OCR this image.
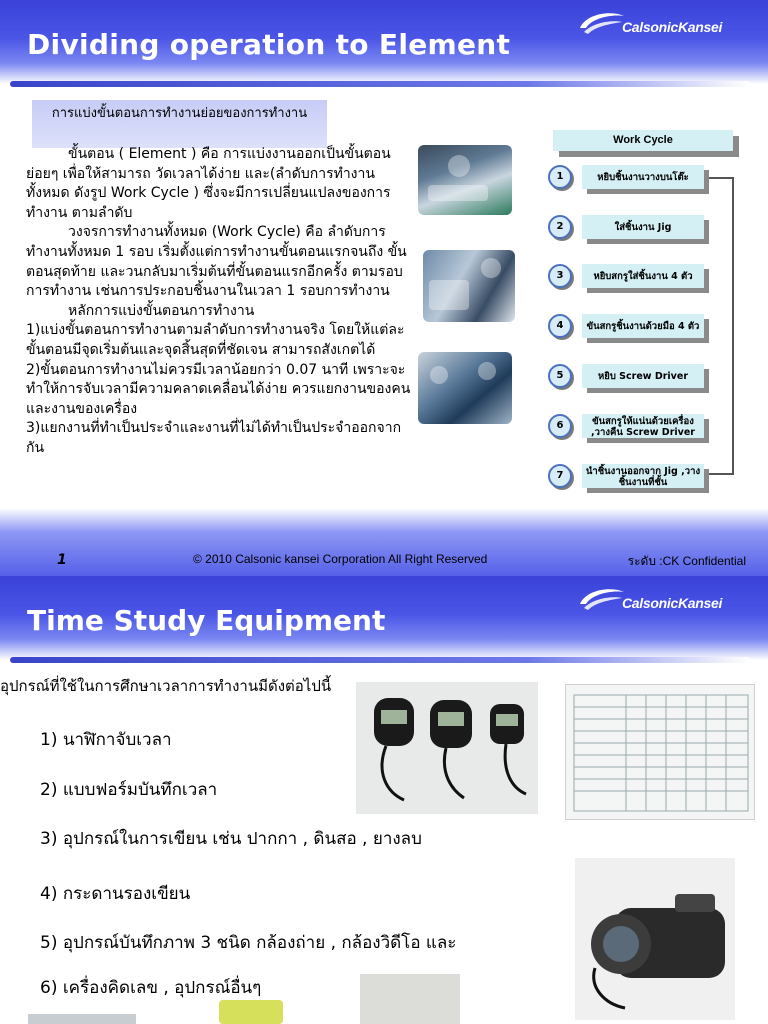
Dividing operation to Element
CalsonicKansei
การแบ่งขั้นตอนการทำงานย่อยของการทำงาน

ขั้นตอน ( Element ) คือ การแบ่งงานออกเป็นขั้นตอนย่อยๆ เพื่อให้สามารถ วัดเวลาได้ง่าย และ(ลำดับการทำงานทั้งหมด ดังรูป Work Cycle ) ซึ่งจะมีการเปลี่ยนแปลงของการทำงาน ตามลำดับ

วงจรการทำงานทั้งหมด (Work Cycle) คือ ลำดับการทำงานทั้งหมด 1 รอบ เริ่มตั้งแต่การทำงานขั้นตอนแรกจนถึง ขั้นตอนสุดท้าย และวนกลับมาเริ่มต้นที่ขั้นตอนแรกอีกครั้ง ตามรอบการทำงาน เช่นการประกอบชิ้นงานในเวลา 1 รอบการทำงาน

หลักการแบ่งขั้นตอนการทำงาน

1)แบ่งขั้นตอนการทำงานตามลำดับการทำงานจริง โดยให้แต่ละขั้นตอนมีจุดเริ่มต้นและจุดสิ้นสุดที่ชัดเจน สามารถสังเกตได้

2)ขั้นตอนการทำงานไม่ควรมีเวลาน้อยกว่า 0.07 นาที เพราะจะทำให้การจับเวลามีความคลาดเคลื่อนได้ง่าย ควรแยกงานของคนและงานของเครื่อง

3)แยกงานที่ทำเป็นประจำและงานที่ไม่ได้ทำเป็นประจำออกจากกัน

Work Cycle
1	หยิบชิ้นงานวางบนโต๊ะ
2	ใส่ชิ้นงาน Jig
3	หยิบสกรูใส่ชิ้นงาน 4 ตัว
4	ขันสกรูชิ้นงานด้วยมือ 4 ตัว
5	หยิบ Screw Driver
6	ขันสกรูให้แน่นด้วยเครื่อง ,วางคืน Screw Driver
7	นำชิ้นงานออกจาก Jig ,วางชิ้นงานที่ชั้น
1	© 2010 Calsonic kansei Corporation All Right Reserved	ระดับ :CK Confidential
Time Study Equipment
CalsonicKansei
อุปกรณ์ที่ใช้ในการศึกษาเวลาการทำงานมีดังต่อไปนี้
1) นาฬิกาจับเวลา
2) แบบฟอร์มบันทึกเวลา
3) อุปกรณ์ในการเขียน เช่น ปากกา , ดินสอ , ยางลบ
4) กระดานรองเขียน
5) อุปกรณ์บันทึกภาพ 3 ชนิด กล้องถ่าย , กล้องวิดีโอ และ
6) เครื่องคิดเลข , อุปกรณ์อื่นๆ
